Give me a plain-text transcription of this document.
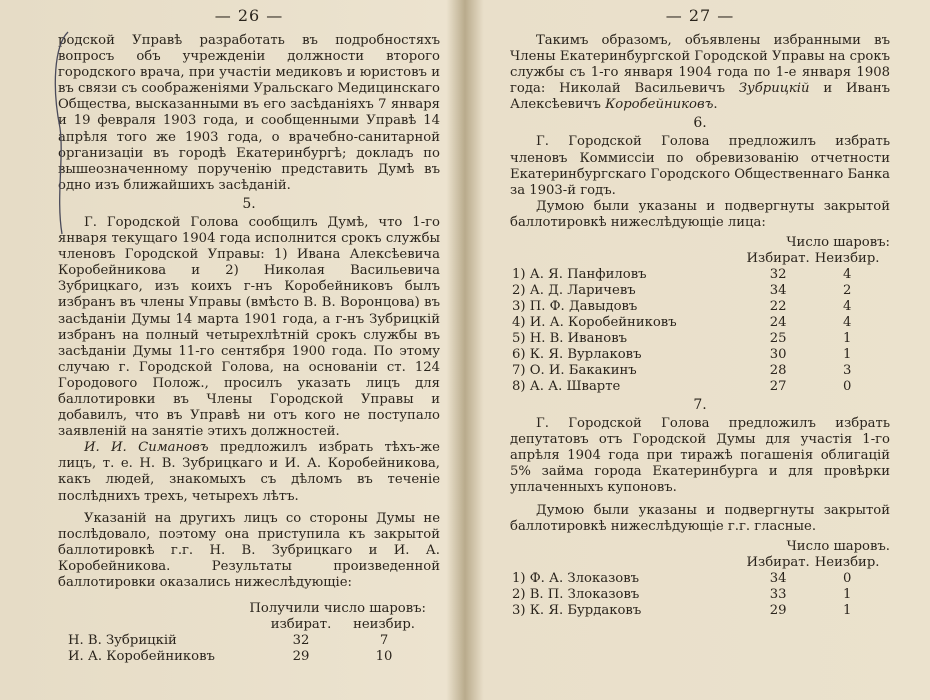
— 26 —

родской Управѣ разработать въ подробностяхъ вопросъ объ учрежденіи должности второго городского врача, при участіи медиковъ и юристовъ и въ связи съ соображеніями Уральскаго Медицинскаго Общества, высказанными въ его засѣданіяхъ 7 января и 19 февраля 1903 года, и сообщенными Управѣ 14 апрѣля того же 1903 года, о врачебно-санитарной организаціи въ городѣ Екатеринбургѣ; докладъ по вышеозначенному порученію представить Думѣ въ одно изъ ближайшихъ засѣданій.

5.

Г. Городской Голова сообщилъ Думѣ, что 1-го января текущаго 1904 года исполнится срокъ службы членовъ Городской Управы: 1) Ивана Алексѣевича Коробейникова и 2) Николая Васильевича Зубрицкаго, изъ коихъ г-нъ Коробейниковъ былъ избранъ въ члены Управы (вмѣсто В. В. Воронцова) въ засѣданіи Думы 14 марта 1901 года, а г-нъ Зубрицкій избранъ на полный четырехлѣтній срокъ службы въ засѣданіи Думы 11-го сентября 1900 года. По этому случаю г. Городской Голова, на основаніи ст. 124 Городового Полож., просилъ указать лицъ для баллотировки въ Члены Городской Управы и добавилъ, что въ Управѣ ни отъ кого не поступало заявленій на занятіе этихъ должностей.

И. И. Симановъ предложилъ избрать тѣхъ-же лицъ, т. е. Н. В. Зубрицкаго и И. А. Коробейникова, какъ людей, знакомыхъ съ дѣломъ въ теченіе послѣднихъ трехъ, четырехъ лѣтъ.

Указаній на другихъ лицъ со стороны Думы не послѣдовало, поэтому она приступила къ закрытой баллотировкѣ г.г. Н. В. Зубрицкаго и И. А. Коробейникова. Результаты произведенной баллотировки оказались нижеслѣдующіе:

Получили число шаровъ:
	избират.	неизбир.
Н. В. Зубрицкій	32	7
И. А. Коробейниковъ	29	10
— 27 —

Такимъ образомъ, объявлены избранными въ Члены Екатеринбургской Городской Управы на срокъ службы съ 1-го января 1904 года по 1-е января 1908 года: Николай Васильевичъ Зубрицкій и Иванъ Алексѣевичъ Коробейниковъ.

6.

Г. Городской Голова предложилъ избрать членовъ Коммиссіи по обревизованію отчетности Екатеринбургскаго Городского Общественнаго Банка за 1903-й годъ.

Думою были указаны и подвергнуты закрытой баллотировкѣ нижеслѣдующіе лица:

Число шаровъ:
	Избират.	Неизбир.
1) А. Я. Панфиловъ	32	4
2) А. Д. Ларичевъ	34	2
3) П. Ф. Давыдовъ	22	4
4) И. А. Коробейниковъ	24	4
5) Н. В. Ивановъ	25	1
6) К. Я. Вурлаковъ	30	1
7) О. И. Бакакинъ	28	3
8) А. А. Шварте	27	0
7.

Г. Городской Голова предложилъ избрать депутатовъ отъ Городской Думы для участія 1-го апрѣля 1904 года при тиражѣ погашенія облигацій 5% займа города Екатеринбурга и для провѣрки уплаченныхъ купоновъ.

Думою были указаны и подвергнуты закрытой баллотировкѣ нижеслѣдующіе г.г. гласные.

Число шаровъ.
	Избират.	Неизбир.
1) Ф. А. Злоказовъ	34	0
2) В. П. Злоказовъ	33	1
3) К. Я. Бурдаковъ	29	1
